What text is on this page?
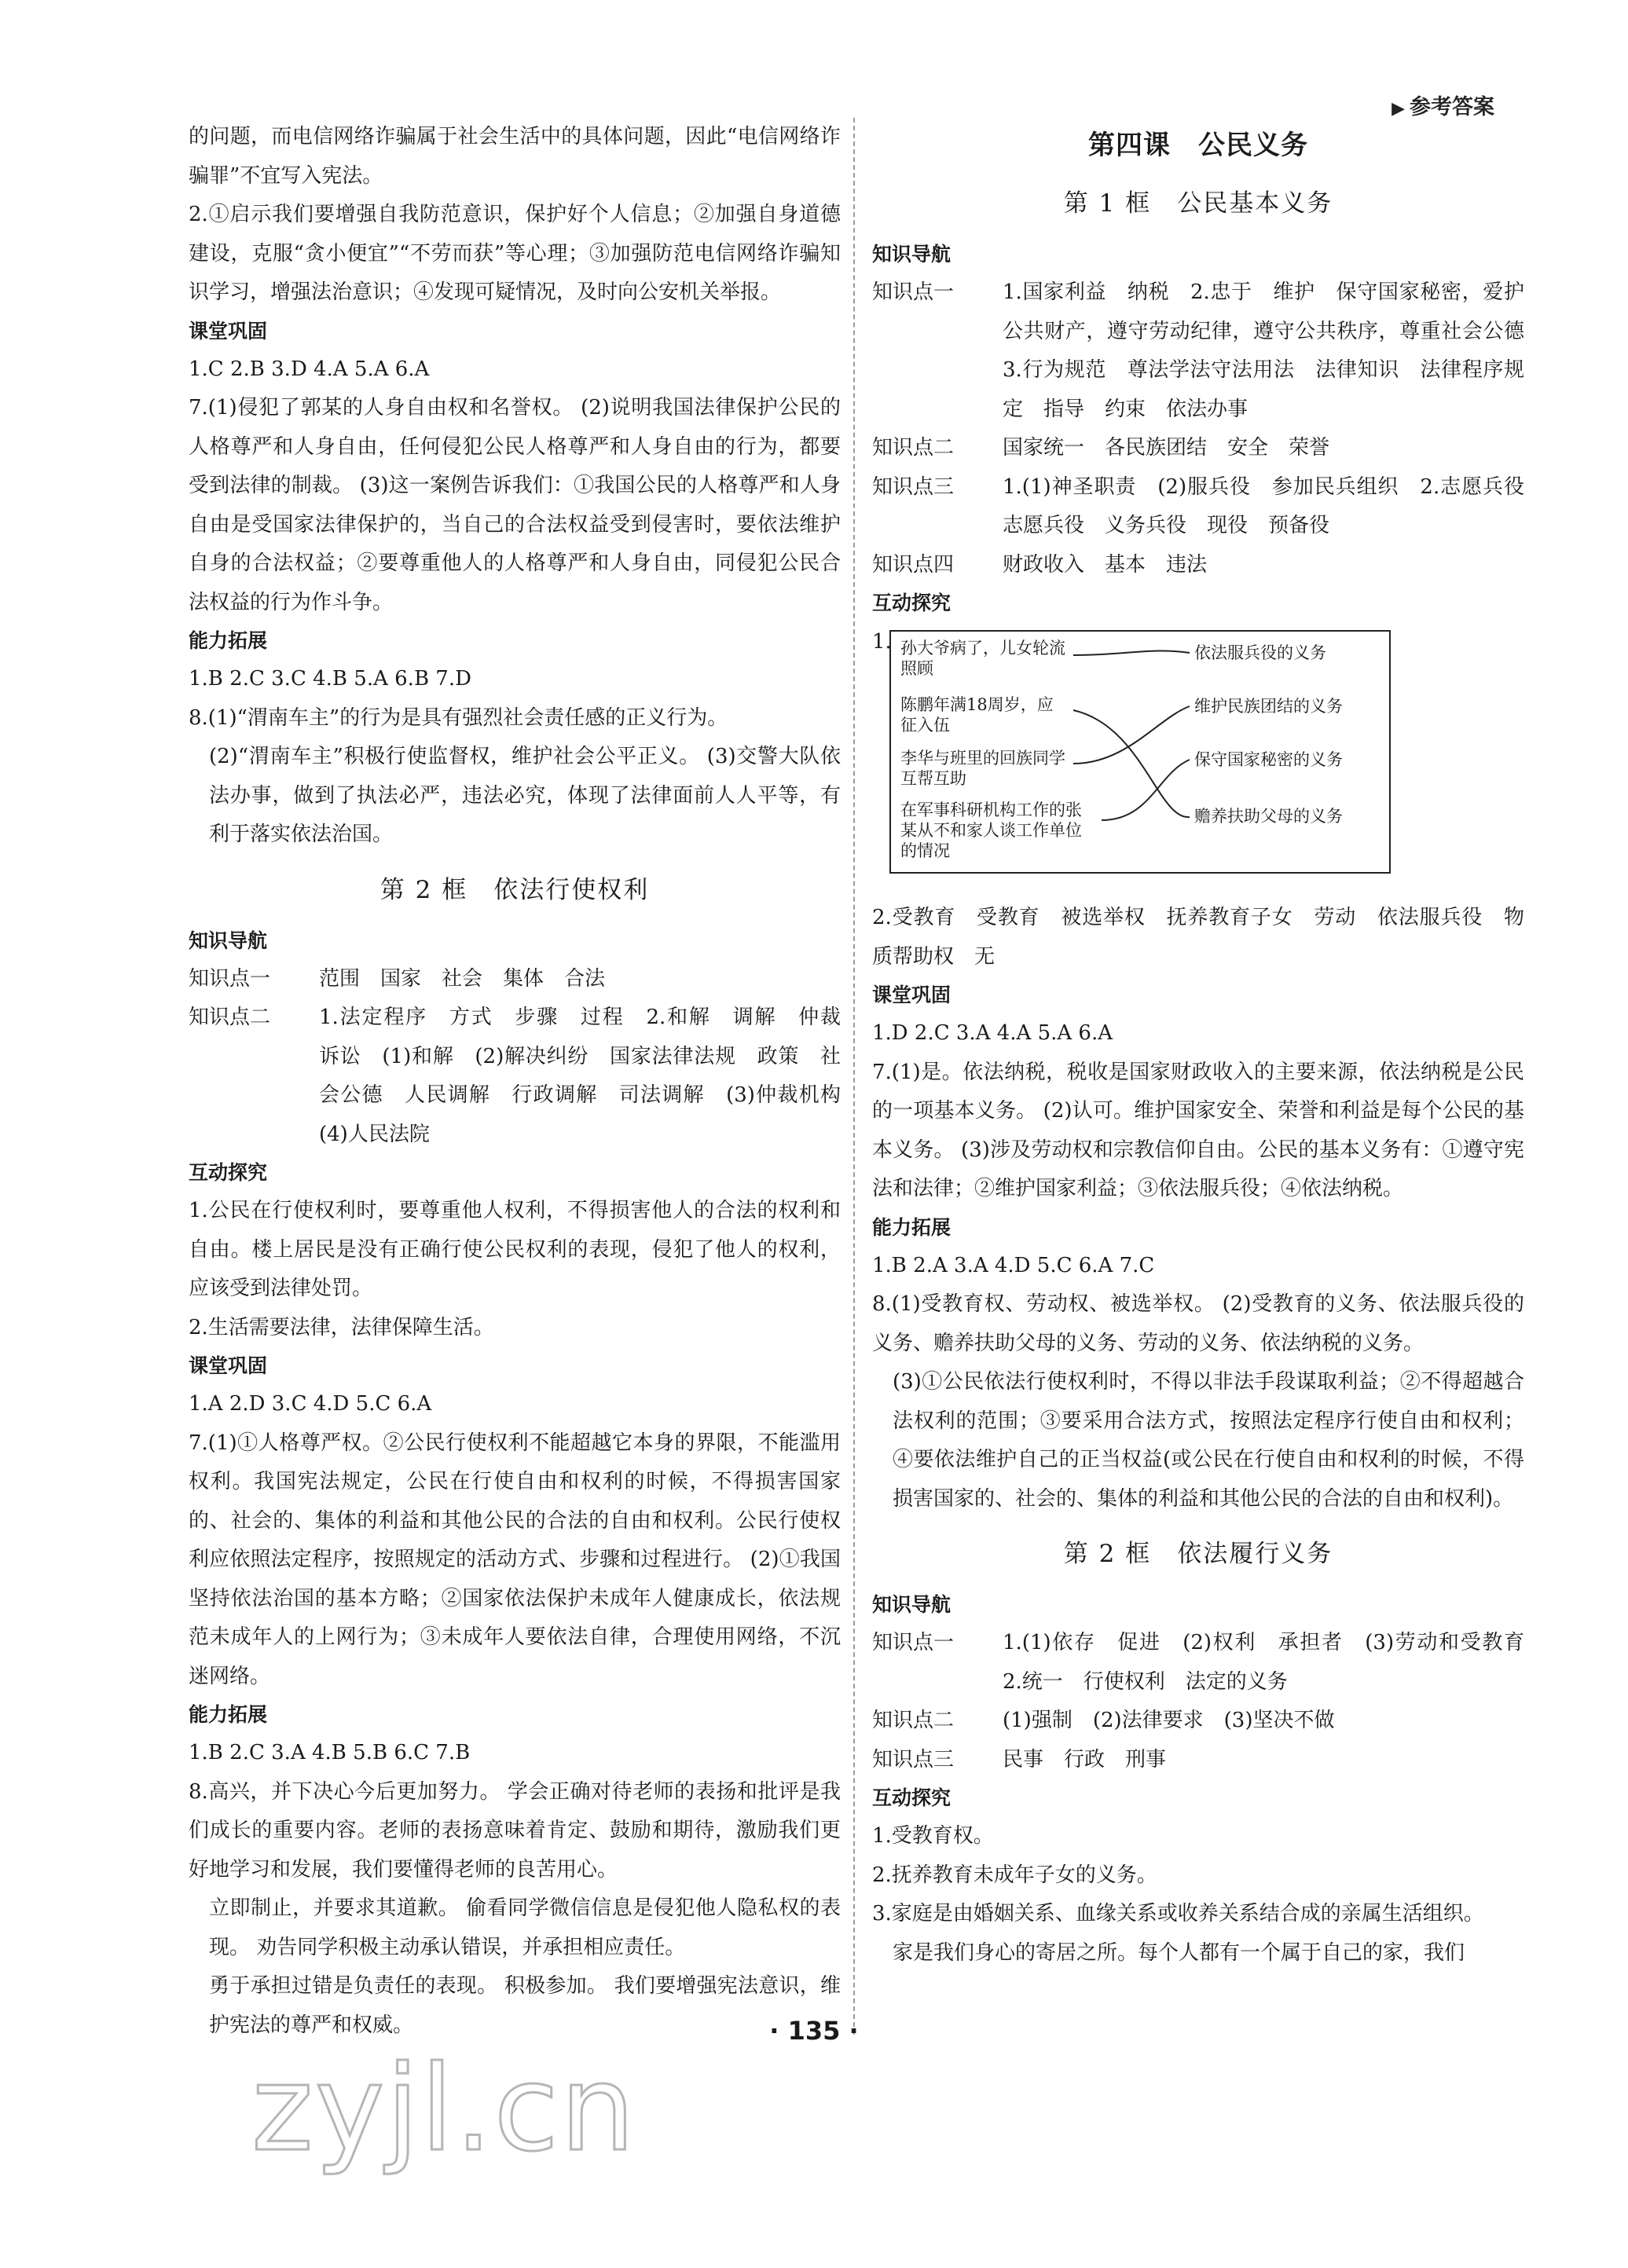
▶ 参考答案

的问题，而电信网络诈骗属于社会生活中的具体问题，因此“电信网络诈骗罪”不宜写入宪法。

2.①启示我们要增强自我防范意识，保护好个人信息；②加强自身道德建设，克服“贪小便宜”“不劳而获”等心理；③加强防范电信网络诈骗知识学习，增强法治意识；④发现可疑情况，及时向公安机关举报。

课堂巩固

1.C 2.B 3.D 4.A 5.A 6.A

7.(1)侵犯了郭某的人身自由权和名誉权。 (2)说明我国法律保护公民的人格尊严和人身自由，任何侵犯公民人格尊严和人身自由的行为，都要受到法律的制裁。 (3)这一案例告诉我们：①我国公民的人格尊严和人身自由是受国家法律保护的，当自己的合法权益受到侵害时，要依法维护自身的合法权益；②要尊重他人的人格尊严和人身自由，同侵犯公民合法权益的行为作斗争。

能力拓展

1.B 2.C 3.C 4.B 5.A 6.B 7.D

8.(1)“渭南车主”的行为是具有强烈社会责任感的正义行为。

(2)“渭南车主”积极行使监督权，维护社会公平正义。 (3)交警大队依法办事，做到了执法必严，违法必究，体现了法律面前人人平等，有利于落实依法治国。

第 2 框　依法行使权利

知识导航

知识点一	范围　国家　社会　集体　合法
知识点二	1.法定程序　方式　步骤　过程　2.和解　调解　仲裁　诉讼　(1)和解　(2)解决纠纷　国家法律法规　政策　社会公德　人民调解　行政调解　司法调解　(3)仲裁机构　(4)人民法院

互动探究

1.公民在行使权利时，要尊重他人权利，不得损害他人的合法的权利和自由。楼上居民是没有正确行使公民权利的表现，侵犯了他人的权利，应该受到法律处罚。

2.生活需要法律，法律保障生活。

课堂巩固

1.A 2.D 3.C 4.D 5.C 6.A

7.(1)①人格尊严权。②公民行使权利不能超越它本身的界限，不能滥用权利。我国宪法规定，公民在行使自由和权利的时候，不得损害国家的、社会的、集体的利益和其他公民的合法的自由和权利。公民行使权利应依照法定程序，按照规定的活动方式、步骤和过程进行。 (2)①我国坚持依法治国的基本方略；②国家依法保护未成年人健康成长，依法规范未成年人的上网行为；③未成年人要依法自律，合理使用网络，不沉迷网络。

能力拓展

1.B 2.C 3.A 4.B 5.B 6.C 7.B

8.高兴，并下决心今后更加努力。 学会正确对待老师的表扬和批评是我们成长的重要内容。老师的表扬意味着肯定、鼓励和期待，激励我们更好地学习和发展，我们要懂得老师的良苦用心。

立即制止，并要求其道歉。 偷看同学微信信息是侵犯他人隐私权的表现。 劝告同学积极主动承认错误，并承担相应责任。

勇于承担过错是负责任的表现。 积极参加。 我们要增强宪法意识，维护宪法的尊严和权威。

第四课　公民义务

第 1 框　公民基本义务

知识导航

知识点一	1.国家利益　纳税　2.忠于　维护　保守国家秘密，爱护公共财产，遵守劳动纪律，遵守公共秩序，尊重社会公德　3.行为规范　尊法学法守法用法　法律知识　法律程序规定　指导　约束　依法办事
知识点二	国家统一　各民族团结　安全　荣誉
知识点三	1.(1)神圣职责　(2)服兵役　参加民兵组织　2.志愿兵役　志愿兵役　义务兵役　现役　预备役
知识点四	财政收入　基本　违法

互动探究

1. 孙大爷病了，儿女轮流照顾
陈鹏年满18周岁，应征入伍
李华与班里的回族同学互帮互助
在军事科研机构工作的张某从不和家人谈工作单位的情况
依法服兵役的义务
维护民族团结的义务
保守国家秘密的义务
赡养扶助父母的义务

2.受教育　受教育　被选举权　抚养教育子女　劳动　依法服兵役　物质帮助权　无

课堂巩固

1.D 2.C 3.A 4.A 5.A 6.A

7.(1)是。依法纳税，税收是国家财政收入的主要来源，依法纳税是公民的一项基本义务。 (2)认可。维护国家安全、荣誉和利益是每个公民的基本义务。 (3)涉及劳动权和宗教信仰自由。公民的基本义务有：①遵守宪法和法律；②维护国家利益；③依法服兵役；④依法纳税。

能力拓展

1.B 2.A 3.A 4.D 5.C 6.A 7.C

8.(1)受教育权、劳动权、被选举权。 (2)受教育的义务、依法服兵役的义务、赡养扶助父母的义务、劳动的义务、依法纳税的义务。

(3)①公民依法行使权利时，不得以非法手段谋取利益；②不得超越合法权利的范围；③要采用合法方式，按照法定程序行使自由和权利；④要依法维护自己的正当权益(或公民在行使自由和权利的时候，不得损害国家的、社会的、集体的利益和其他公民的合法的自由和权利)。

第 2 框　依法履行义务

知识导航

知识点一	1.(1)依存　促进　(2)权利　承担者　(3)劳动和受教育　2.统一　行使权利　法定的义务
知识点二	(1)强制　(2)法律要求　(3)坚决不做
知识点三	民事　行政　刑事

互动探究

1.受教育权。

2.抚养教育未成年子女的义务。

3.家庭是由婚姻关系、血缘关系或收养关系结合成的亲属生活组织。

家是我们身心的寄居之所。每个人都有一个属于自己的家，我们

· 135 ·
zyjl.cn
